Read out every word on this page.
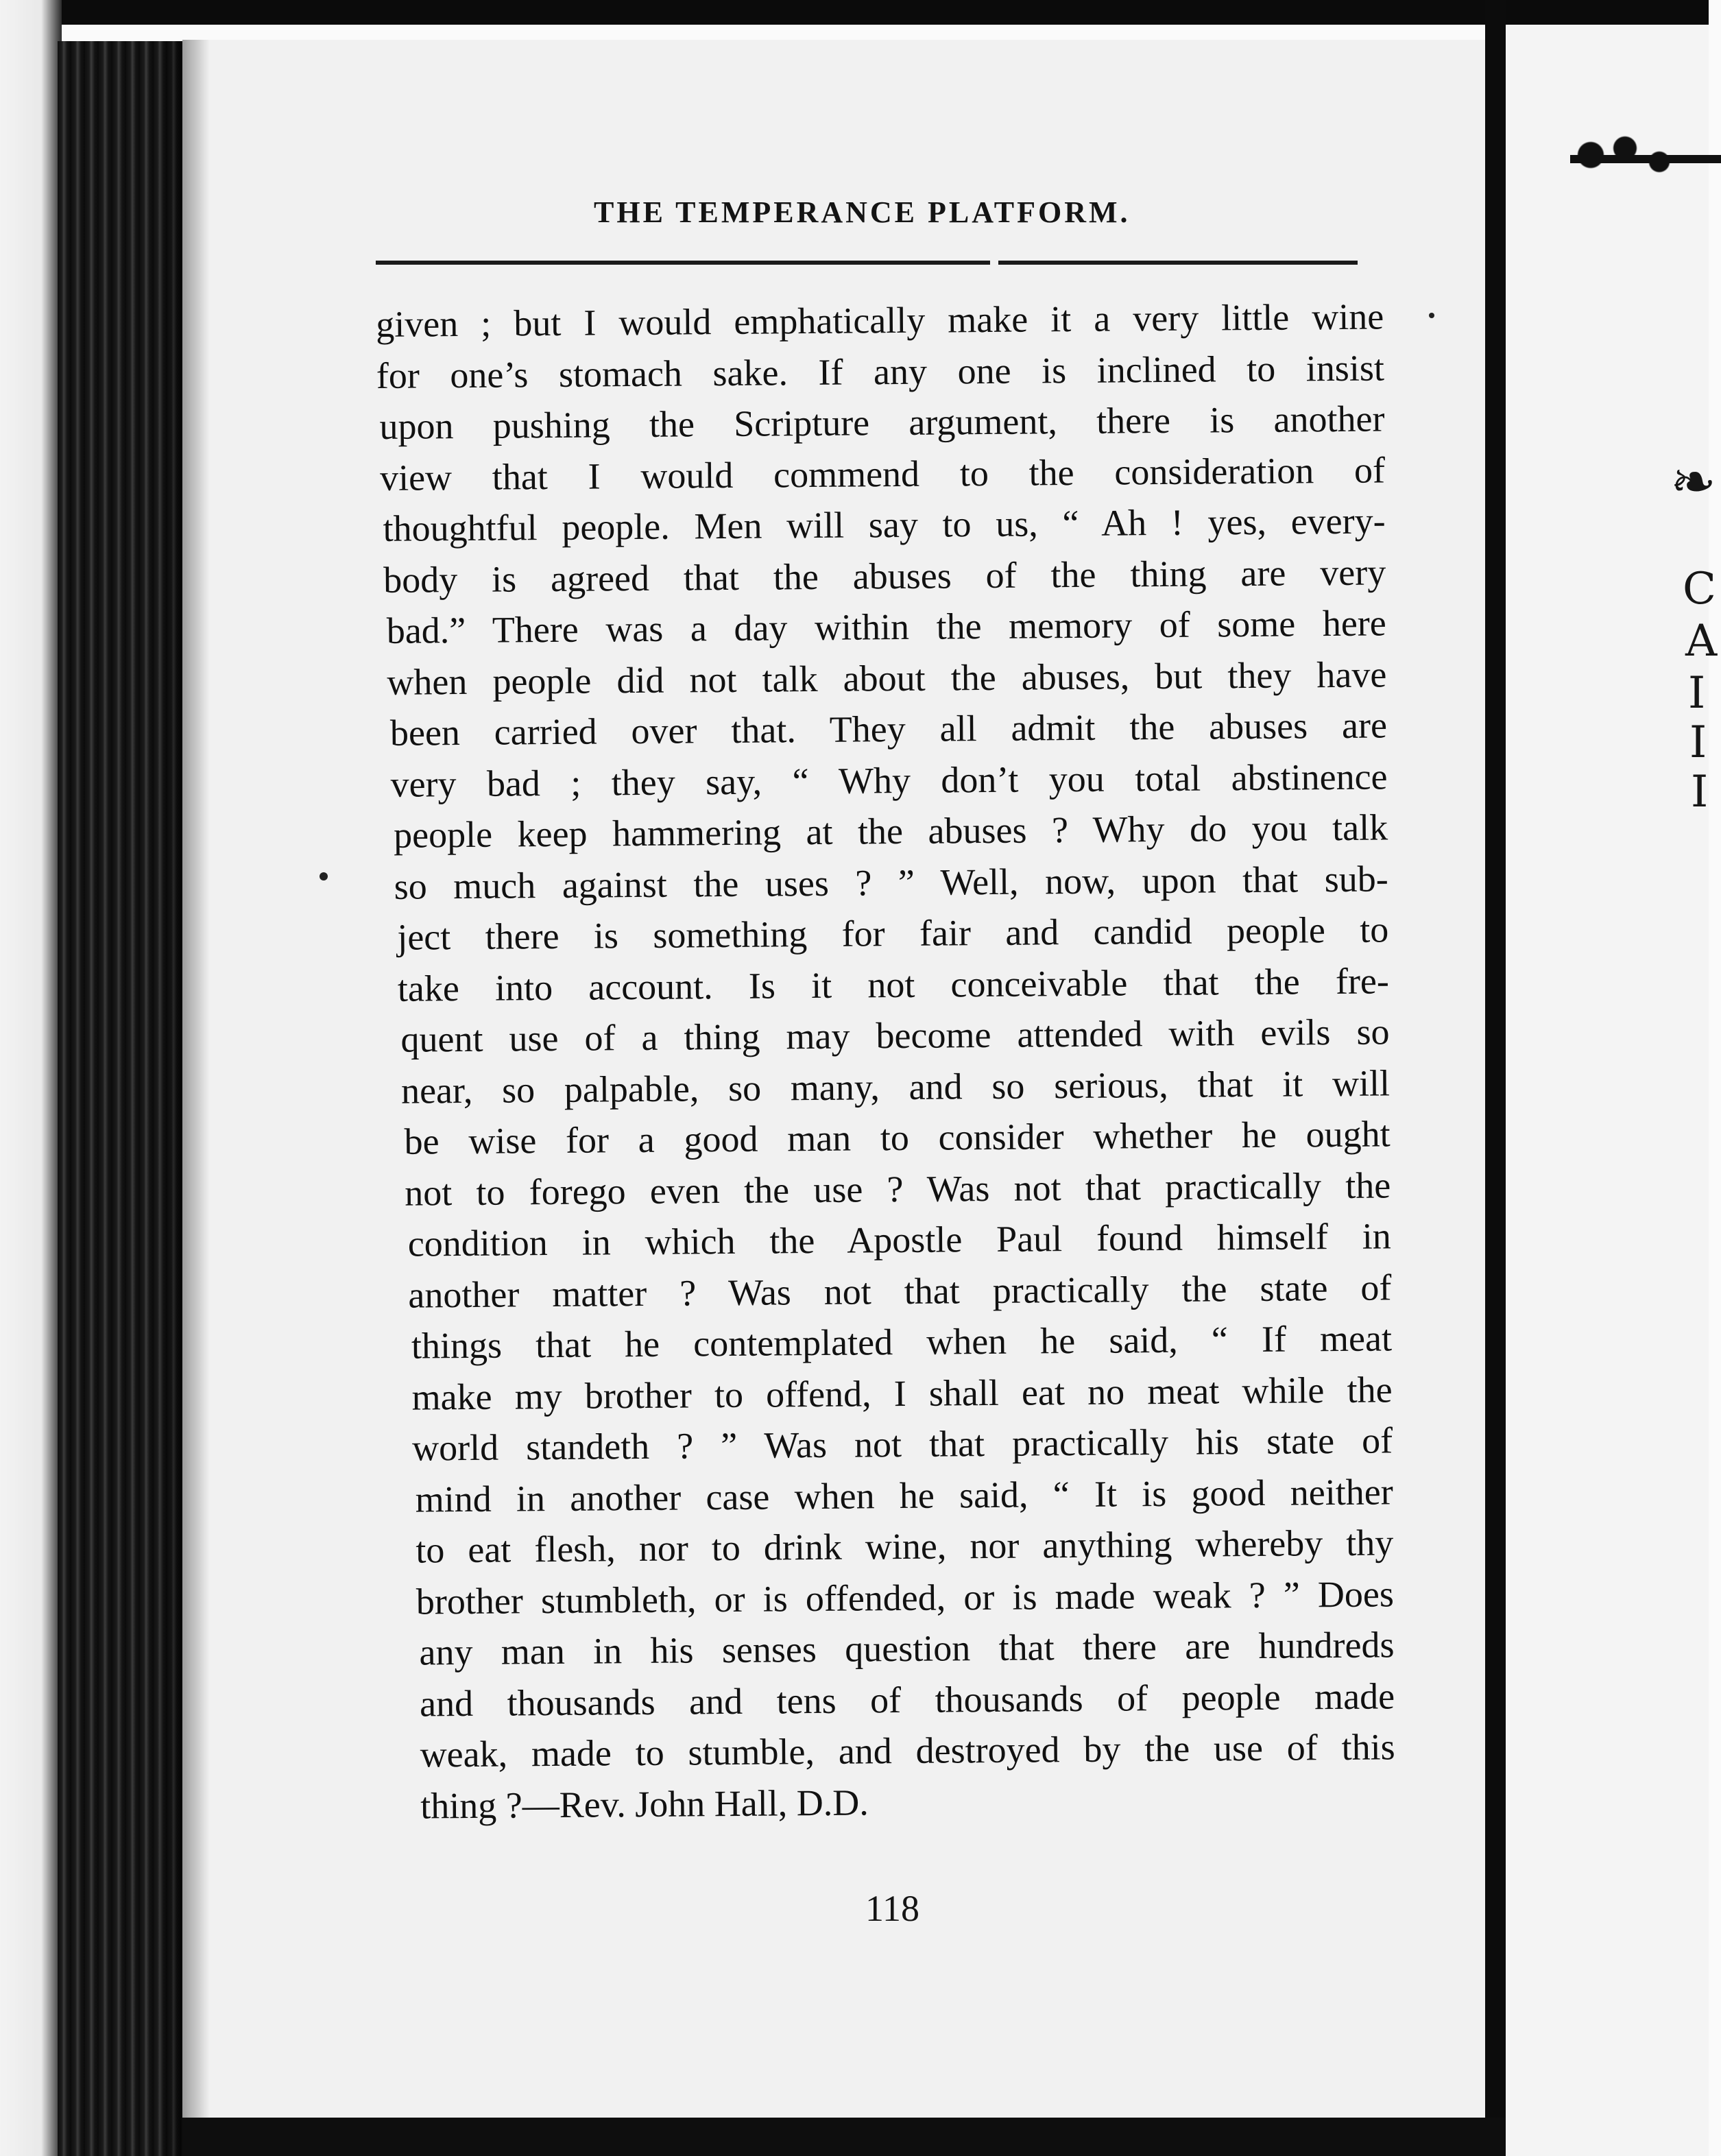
THE TEMPERANCE PLATFORM.
given ; but I would emphatically make it a very little wine
for one’s stomach sake. If any one is inclined to insist
upon pushing the Scripture argument, there is another
view that I would commend to the consideration of
thoughtful people. Men will say to us, “ Ah ! yes, every-
body is agreed that the abuses of the thing are very
bad.” There was a day within the memory of some here
when people did not talk about the abuses, but they have
been carried over that. They all admit the abuses are
very bad ; they say, “ Why don’t you total abstinence
people keep hammering at the abuses ? Why do you talk
so much against the uses ? ” Well, now, upon that sub-
ject there is something for fair and candid people to
take into account. Is it not conceivable that the fre-
quent use of a thing may become attended with evils so
near, so palpable, so many, and so serious, that it will
be wise for a good man to consider whether he ought
not to forego even the use ? Was not that practically the
condition in which the Apostle Paul found himself in
another matter ? Was not that practically the state of
things that he contemplated when he said, “ If meat
make my brother to offend, I shall eat no meat while the
world standeth ? ” Was not that practically his state of
mind in another case when he said, “ It is good neither
to eat flesh, nor to drink wine, nor anything whereby thy
brother stumbleth, or is offended, or is made weak ? ” Does
any man in his senses question that there are hundreds
and thousands and tens of thousands of people made
weak, made to stumble, and destroyed by the use of this
thing ?—Rev. John Hall, D.D.
118
❧
C
A
I
I
I
